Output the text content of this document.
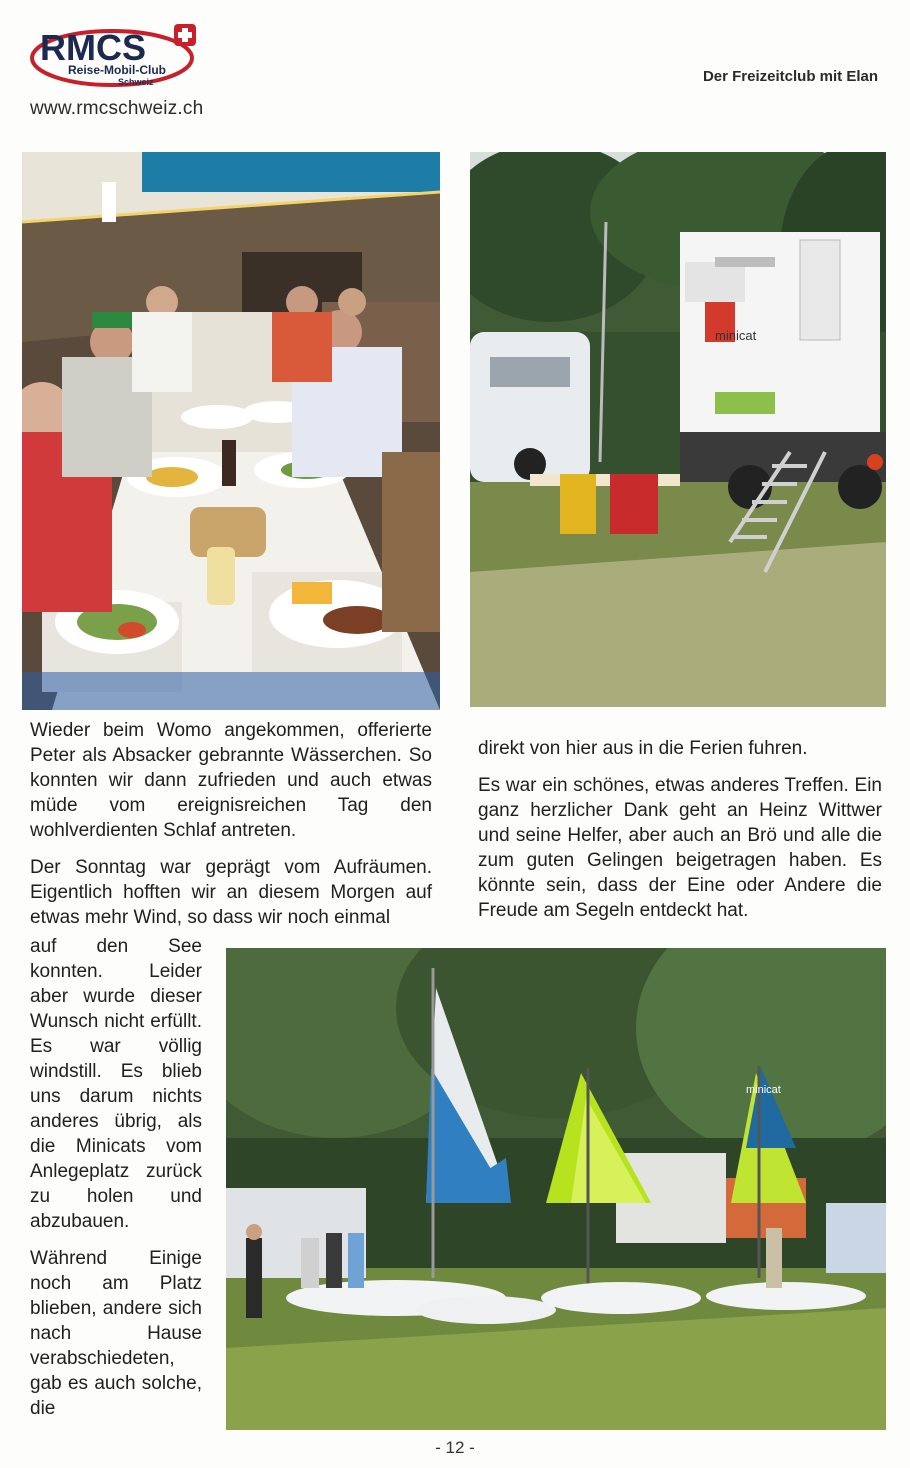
RMCS
Reise-Mobil-Club
Schweiz
www.rmcschweiz.ch
Der Freizeitclub mit Elan
minicat

Wieder beim Womo angekommen, offerierte Peter als Absacker gebrannte Wässerchen. So konnten wir dann zufrieden und auch etwas müde vom ereignisreichen Tag den wohlverdienten Schlaf antreten.

Der Sonntag war geprägt vom Aufräumen. Eigentlich hofften wir an diesem Morgen auf etwas mehr Wind, so dass wir noch einmal

direkt von hier aus in die Ferien fuhren.

Es war ein schönes, etwas anderes Treffen. Ein ganz herzlicher Dank geht an Heinz Wittwer und seine Helfer, aber auch an Brö und alle die zum guten Gelingen beigetragen haben. Es könnte sein, dass der Eine oder Andere die Freude am Segeln entdeckt hat.

auf den See konnten. Leider aber wurde dieser Wunsch nicht erfüllt. Es war völlig windstill. Es blieb uns darum nichts anderes übrig, als die Minicats vom Anlegeplatz zurück zu holen und abzubauen.

Während Einige noch am Platz blieben, andere sich nach Hause verabschiedeten, gab es auch solche, die

minicat
- 12 -
